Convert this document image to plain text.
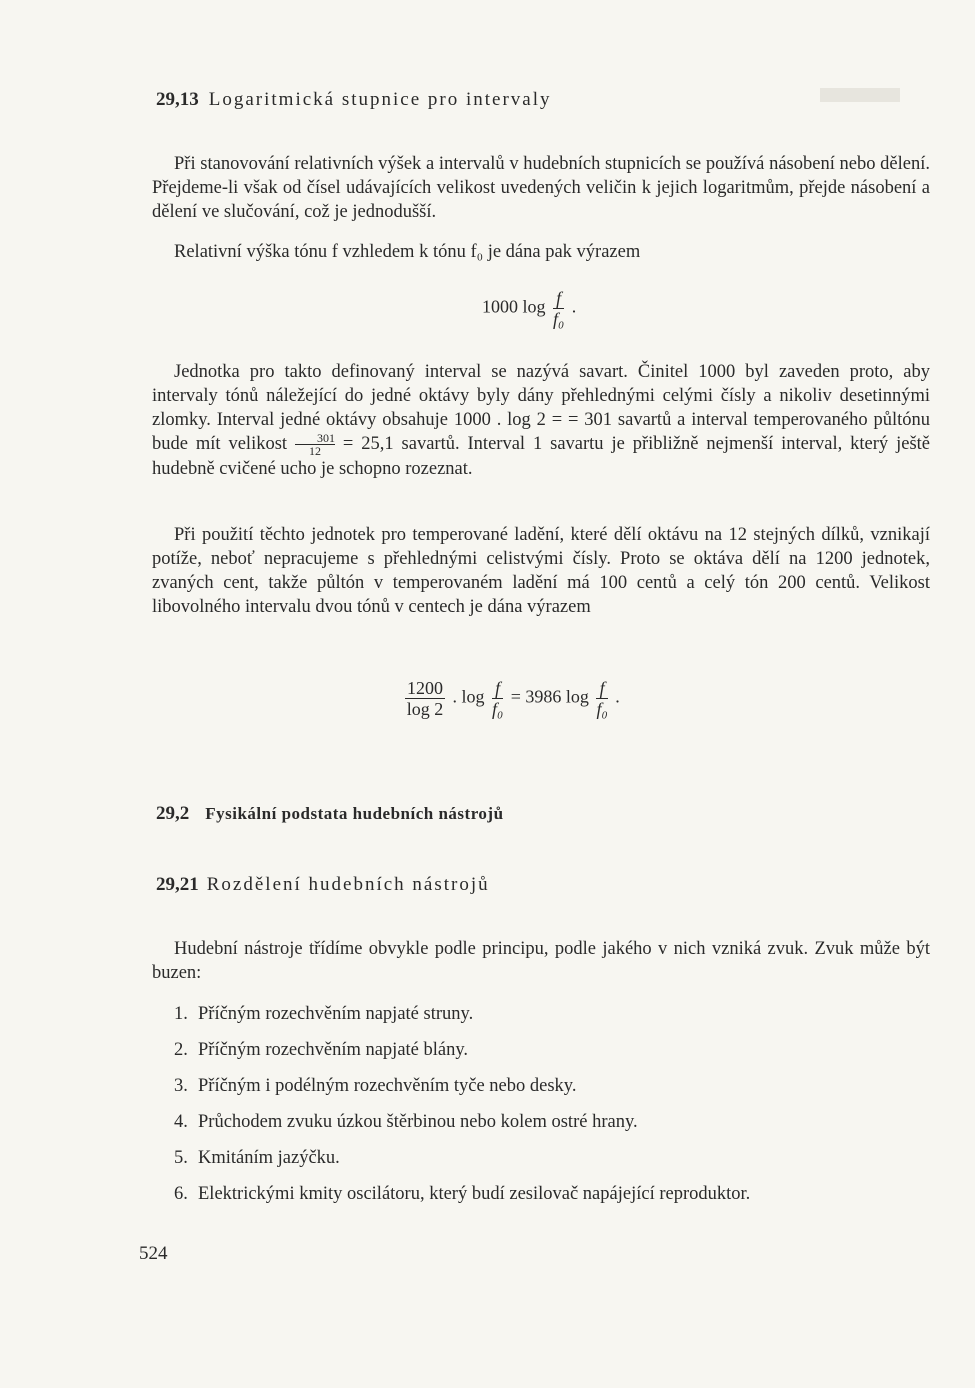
29,13 Logaritmická stupnice pro intervaly

Při stanovování relativních výšek a intervalů v hudebních stupnicích se používá násobení nebo dělení. Přejdeme-li však od čísel udávajících velikost uvedených veličin k jejich logaritmům, přejde násobení a dělení ve slučování, což je jednodušší.

Relativní výška tónu f vzhledem k tónu f₀ je dána pak výrazem

1000 $\log \frac{f}{\text{f₀}}$ .

Jednotka pro takto definovaný interval se nazývá savart. Činitel 1000 byl zaveden proto, aby intervaly tónů náležející do jedné oktávy byly dány přehlednými celými čísly a nikoliv desetinnými zlomky. Interval jedné oktávy obsahuje 1000 . log 2 = = 301 savartů a interval temperovaného půltónu bude mít velikost $\frac{301}{12} = 25,1$ savartů. Interval 1 savartu je přibližně nejmenší interval, který ještě hudebně cvičené ucho je schopno rozeznat.

Při použití těchto jednotek pro temperované ladění, které dělí oktávu na 12 stejných dílků, vznikají potíže, neboť nepracujeme s přehlednými celistvými čísly. Proto se oktáva dělí na 1200 jednotek, zvaných cent, takže půltón v temperovaném ladění má 100 centů a celý tón 200 centů. Velikost libovolného intervalu dvou tónů v centech je dána výrazem

$\frac{1200}{\log 2}$ . $\log \frac{f}{\text{f₀}} = 3986$ $\log \frac{f}{\text{f₀}}$ .
29,2 Fysikální podstata hudebních nástrojů
29,21 Rozdělení hudebních nástrojů

Hudební nástroje třídíme obvykle podle principu, podle jakého v nich vzniká zvuk. Zvuk může být buzen:

1. Příčným rozechvěním napjaté struny.
2. Příčným rozechvěním napjaté blány.
3. Příčným i podélným rozechvěním tyče nebo desky.
4. Průchodem zvuku úzkou štěrbinou nebo kolem ostré hrany.
5. Kmitáním jazýčku.
6. Elektrickými kmity oscilátoru, který budí zesilovač napájející reproduktor.
524
